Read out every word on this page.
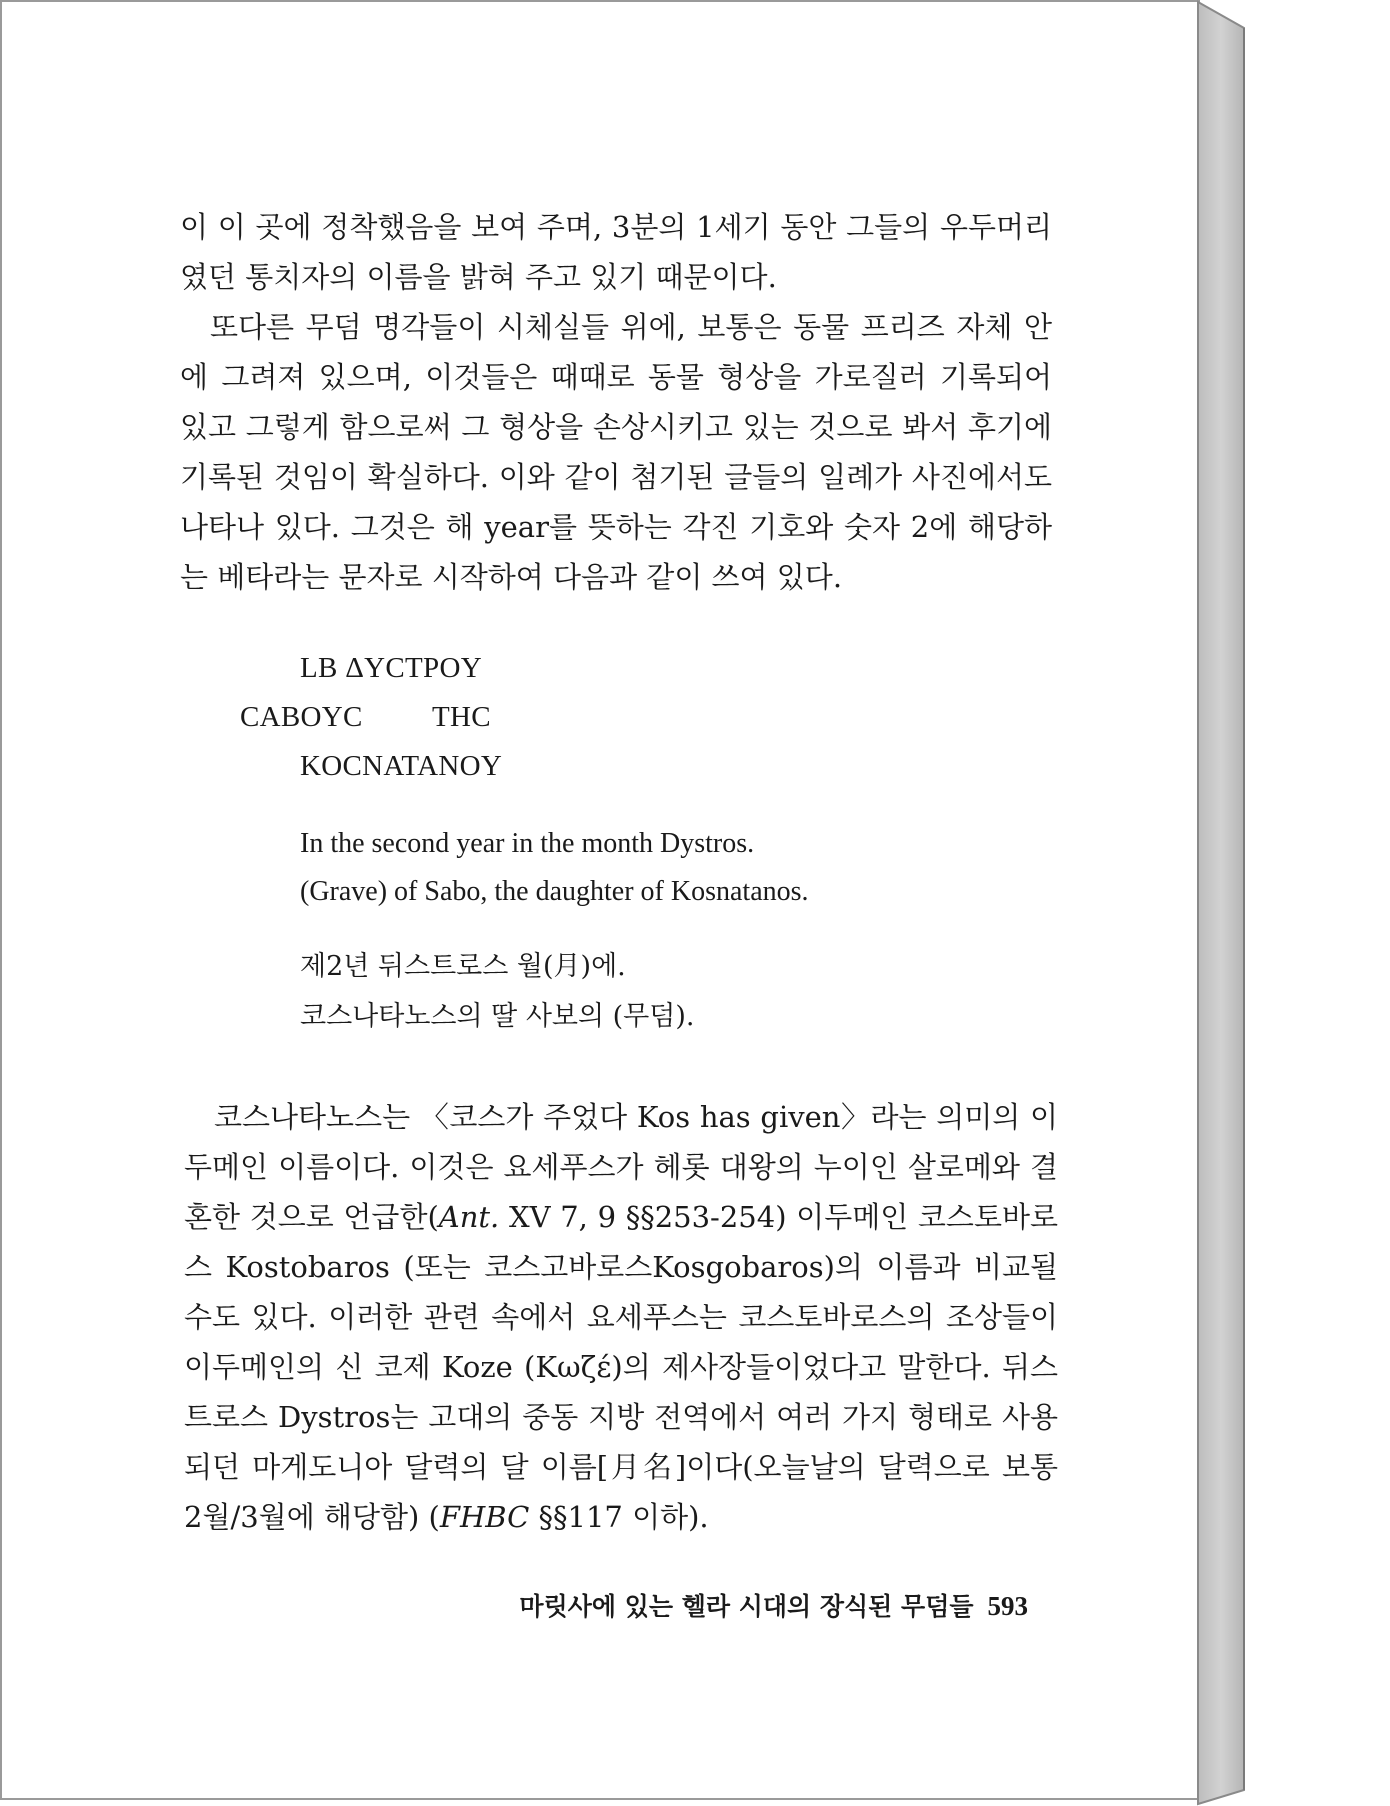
이 이 곳에 정착했음을 보여 주며, 3분의 1세기 동안 그들의 우두머리였던 통치자의 이름을 밝혀 주고 있기 때문이다.

또다른 무덤 명각들이 시체실들 위에, 보통은 동물 프리즈 자체 안에 그려져 있으며, 이것들은 때때로 동물 형상을 가로질러 기록되어 있고 그렇게 함으로써 그 형상을 손상시키고 있는 것으로 봐서 후기에 기록된 것임이 확실하다. 이와 같이 첨기된 글들의 일례가 사진에서도 나타나 있다. 그것은 해 year를 뜻하는 각진 기호와 숫자 2에 해당하는 베타라는 문자로 시작하여 다음과 같이 쓰여 있다.

LB ΔYCTPOY
CABOYC THC
KOCNATANOY
In the second year in the month Dystros.
(Grave) of Sabo, the daughter of Kosnatanos.
제2년 뒤스트로스 월(月)에.
코스나타노스의 딸 사보의 (무덤).

코스나타노스는 〈코스가 주었다 Kos has given〉라는 의미의 이두메인 이름이다. 이것은 요세푸스가 헤롯 대왕의 누이인 살로메와 결혼한 것으로 언급한(Ant. XV 7, 9 §§253-254) 이두메인 코스토바로스 Kostobaros (또는 코스고바로스Kosgobaros)의 이름과 비교될 수도 있다. 이러한 관련 속에서 요세푸스는 코스토바로스의 조상들이 이두메인의 신 코제 Koze (Κωζέ)의 제사장들이었다고 말한다. 뒤스트로스 Dystros는 고대의 중동 지방 전역에서 여러 가지 형태로 사용되던 마게도니아 달력의 달 이름[月名]이다(오늘날의 달력으로 보통 2월/3월에 해당함) (FHBC §§117 이하).

마릿사에 있는 헬라 시대의 장식된 무덤들 593
